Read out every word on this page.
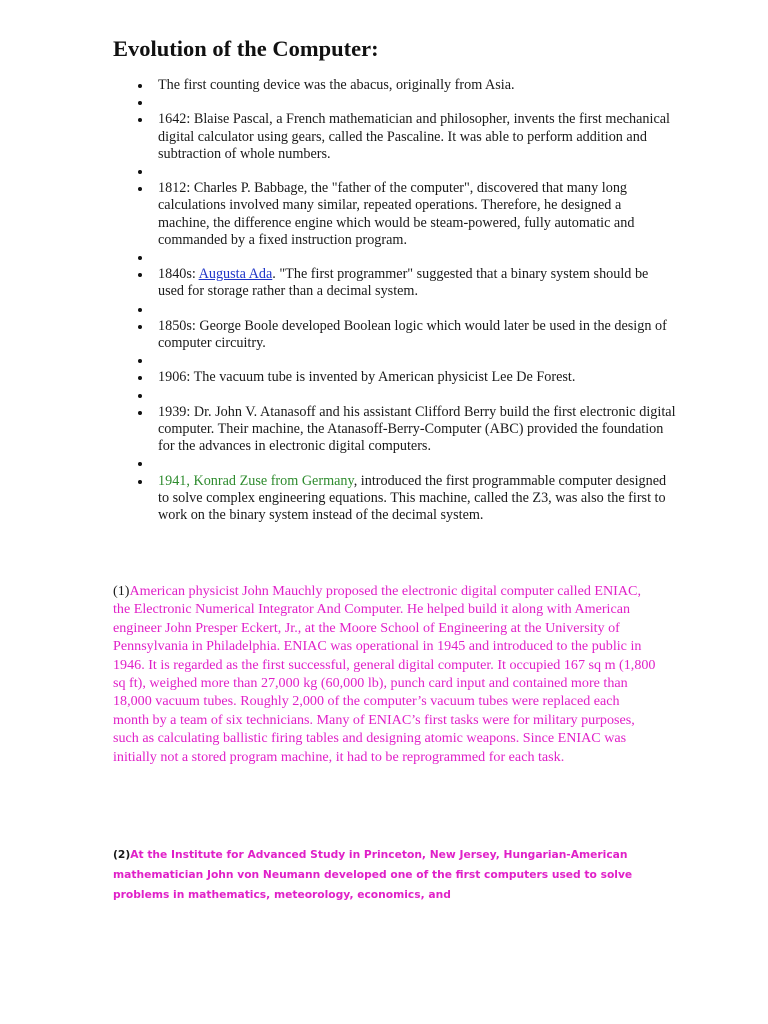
Evolution of the Computer:
The first counting device was the abacus, originally from Asia.
1642: Blaise Pascal, a French mathematician and philosopher, invents the first mechanical digital calculator using gears, called the Pascaline. It was able to perform addition and subtraction of whole numbers.
1812: Charles P. Babbage, the "father of the computer", discovered that many long calculations involved many similar, repeated operations. Therefore, he designed a machine, the difference engine which would be steam-powered, fully automatic and commanded by a fixed instruction program.
1840s: Augusta Ada. "The first programmer" suggested that a binary system should be used for storage rather than a decimal system.
1850s: George Boole developed Boolean logic which would later be used in the design of computer circuitry.
1906: The vacuum tube is invented by American physicist Lee De Forest.
1939: Dr. John V. Atanasoff and his assistant Clifford Berry build the first electronic digital computer. Their machine, the Atanasoff-Berry-Computer (ABC) provided the foundation for the advances in electronic digital computers.
1941, Konrad Zuse from Germany, introduced the first programmable computer designed to solve complex engineering equations. This machine, called the Z3, was also the first to work on the binary system instead of the decimal system.

(1)American physicist John Mauchly proposed the electronic digital computer called ENIAC, the Electronic Numerical Integrator And Computer. He helped build it along with American engineer John Presper Eckert, Jr., at the Moore School of Engineering at the University of Pennsylvania in Philadelphia. ENIAC was operational in 1945 and introduced to the public in 1946. It is regarded as the first successful, general digital computer. It occupied 167 sq m (1,800 sq ft), weighed more than 27,000 kg (60,000 lb), punch card input and contained more than 18,000 vacuum tubes. Roughly 2,000 of the computer’s vacuum tubes were replaced each month by a team of six technicians. Many of ENIAC’s first tasks were for military purposes, such as calculating ballistic firing tables and designing atomic weapons. Since ENIAC was initially not a stored program machine, it had to be reprogrammed for each task.

(2)At the Institute for Advanced Study in Princeton, New Jersey, Hungarian-American mathematician John von Neumann developed one of the first computers used to solve problems in mathematics, meteorology, economics, and
